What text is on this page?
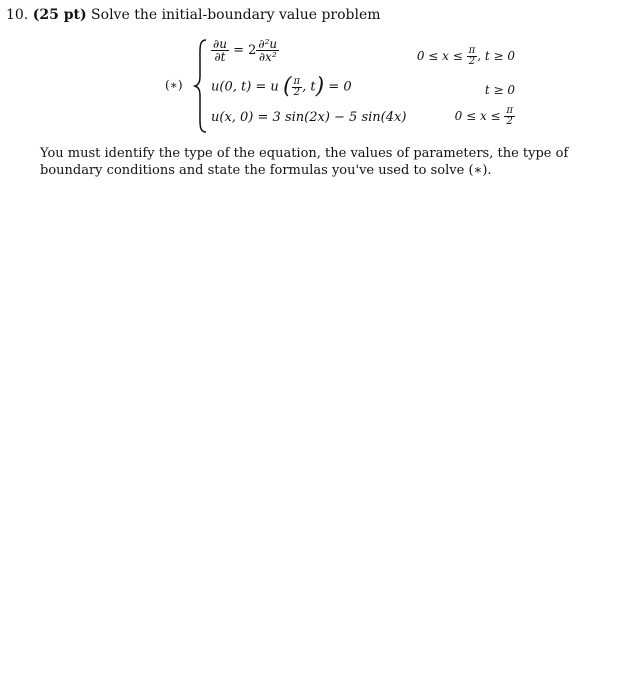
10. (25 pt) Solve the initial-boundary value problem
(∗)
$\frac{\partial u}{\partial t} = 2 \frac{\text{∂²u}}{\text{∂x²}}$	$0 \le x \le \frac{\pi}{2}$ , t ≥ 0
u(0, t) = u ( $\frac{\pi}{2}$ , t) = 0	t ≥ 0
u(x, 0) = 3 sin(2x) − 5 sin(4x)	$0 \le x \le \frac{\pi}{2}$
You must identify the type of the equation, the values of parameters, the type of boundary conditions and state the formulas you've used to solve (∗).
